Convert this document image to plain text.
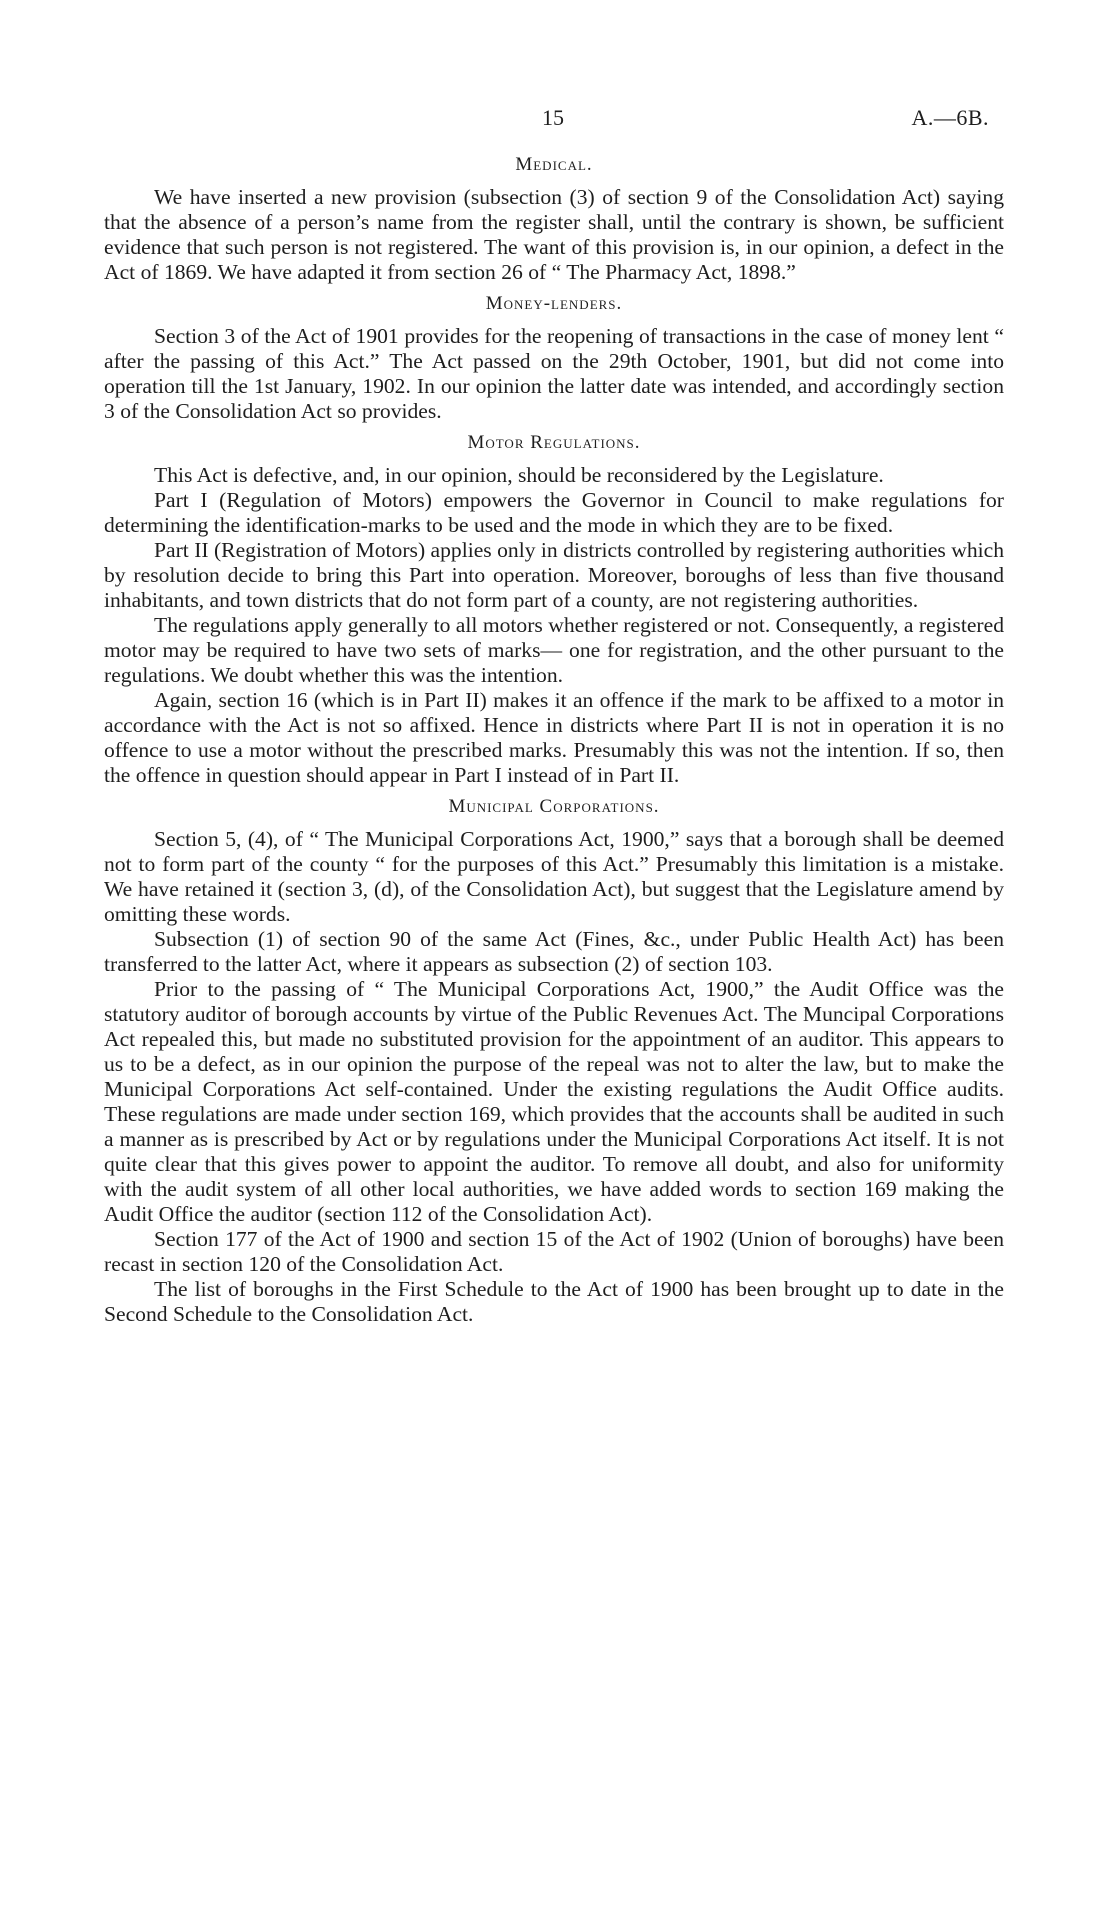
15	A.—6B.
Medical.

We have inserted a new provision (subsection (3) of section 9 of the Consolidation Act) saying that the absence of a person’s name from the register shall, until the contrary is shown, be sufficient evidence that such person is not registered. The want of this provision is, in our opinion, a defect in the Act of 1869. We have adapted it from section 26 of “ The Pharmacy Act, 1898.”

Money-lenders.

Section 3 of the Act of 1901 provides for the reopening of transactions in the case of money lent “ after the passing of this Act.” The Act passed on the 29th October, 1901, but did not come into operation till the 1st January, 1902. In our opinion the latter date was intended, and accordingly section 3 of the Consolidation Act so provides.

Motor Regulations.

This Act is defective, and, in our opinion, should be reconsidered by the Legislature.

Part I (Regulation of Motors) empowers the Governor in Council to make regulations for determining the identification-marks to be used and the mode in which they are to be fixed.

Part II (Registration of Motors) applies only in districts controlled by registering authorities which by resolution decide to bring this Part into operation. Moreover, boroughs of less than five thousand inhabitants, and town districts that do not form part of a county, are not registering authorities.

The regulations apply generally to all motors whether registered or not. Consequently, a registered motor may be required to have two sets of marks— one for registration, and the other pursuant to the regulations. We doubt whether this was the intention.

Again, section 16 (which is in Part II) makes it an offence if the mark to be affixed to a motor in accordance with the Act is not so affixed. Hence in districts where Part II is not in operation it is no offence to use a motor without the prescribed marks. Presumably this was not the intention. If so, then the offence in question should appear in Part I instead of in Part II.

Municipal Corporations.

Section 5, (4), of “ The Municipal Corporations Act, 1900,” says that a borough shall be deemed not to form part of the county “ for the purposes of this Act.” Presumably this limitation is a mistake. We have retained it (section 3, (d), of the Consolidation Act), but suggest that the Legislature amend by omitting these words.

Subsection (1) of section 90 of the same Act (Fines, &c., under Public Health Act) has been transferred to the latter Act, where it appears as subsection (2) of section 103.

Prior to the passing of “ The Municipal Corporations Act, 1900,” the Audit Office was the statutory auditor of borough accounts by virtue of the Public Revenues Act. The Muncipal Corporations Act repealed this, but made no substituted provision for the appointment of an auditor. This appears to us to be a defect, as in our opinion the purpose of the repeal was not to alter the law, but to make the Municipal Corporations Act self-contained. Under the existing regulations the Audit Office audits. These regulations are made under section 169, which provides that the accounts shall be audited in such a manner as is prescribed by Act or by regulations under the Municipal Corporations Act itself. It is not quite clear that this gives power to appoint the auditor. To remove all doubt, and also for uniformity with the audit system of all other local authorities, we have added words to section 169 making the Audit Office the auditor (section 112 of the Consolidation Act).

Section 177 of the Act of 1900 and section 15 of the Act of 1902 (Union of boroughs) have been recast in section 120 of the Consolidation Act.

The list of boroughs in the First Schedule to the Act of 1900 has been brought up to date in the Second Schedule to the Consolidation Act.
